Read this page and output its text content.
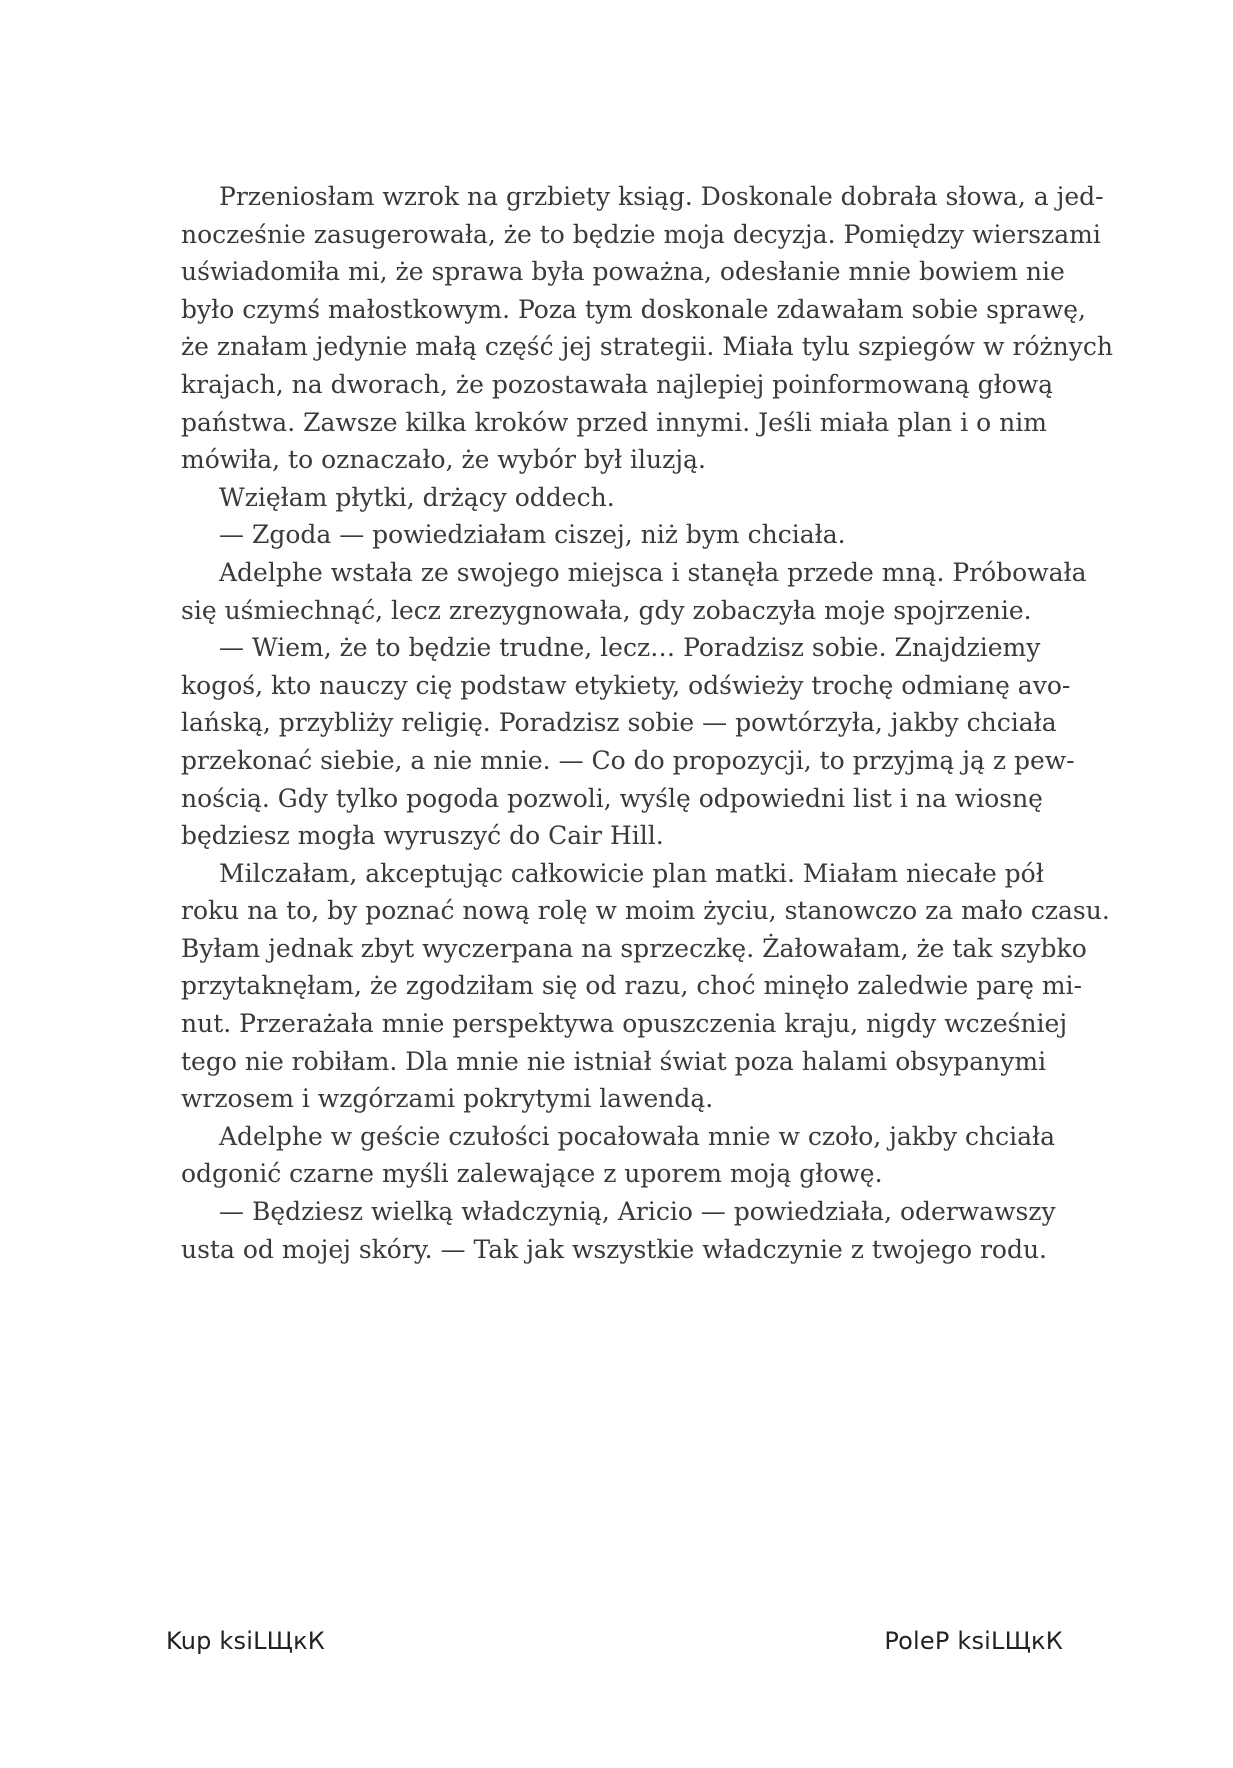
Przeniosłam wzrok na grzbiety ksiąg. Doskonale dobrała słowa, a jed-
nocześnie zasugerowała, że to będzie moja decyzja. Pomiędzy wierszami
uświadomiła mi, że sprawa była poważna, odesłanie mnie bowiem nie
było czymś małostkowym. Poza tym doskonale zdawałam sobie sprawę,
że znałam jedynie małą część jej strategii. Miała tylu szpiegów w różnych
krajach, na dworach, że pozostawała najlepiej poinformowaną głową
państwa. Zawsze kilka kroków przed innymi. Jeśli miała plan i o nim
mówiła, to oznaczało, że wybór był iluzją.
Wzięłam płytki, drżący oddech.
— Zgoda — powiedziałam ciszej, niż bym chciała.
Adelphe wstała ze swojego miejsca i stanęła przede mną. Próbowała
się uśmiechnąć, lecz zrezygnowała, gdy zobaczyła moje spojrzenie.
— Wiem, że to będzie trudne, lecz… Poradzisz sobie. Znajdziemy
kogoś, kto nauczy cię podstaw etykiety, odświeży trochę odmianę avo-
lańską, przybliży religię. Poradzisz sobie — powtórzyła, jakby chciała
przekonać siebie, a nie mnie. — Co do propozycji, to przyjmą ją z pew-
nością. Gdy tylko pogoda pozwoli, wyślę odpowiedni list i na wiosnę
będziesz mogła wyruszyć do Cair Hill.
Milczałam, akceptując całkowicie plan matki. Miałam niecałe pół
roku na to, by poznać nową rolę w moim życiu, stanowczo za mało czasu.
Byłam jednak zbyt wyczerpana na sprzeczkę. Żałowałam, że tak szybko
przytaknęłam, że zgodziłam się od razu, choć minęło zaledwie parę mi-
nut. Przerażała mnie perspektywa opuszczenia kraju, nigdy wcześniej
tego nie robiłam. Dla mnie nie istniał świat poza halami obsypanymi
wrzosem i wzgórzami pokrytymi lawendą.
Adelphe w geście czułości pocałowała mnie w czoło, jakby chciała
odgonić czarne myśli zalewające z uporem moją głowę.
— Będziesz wielką władczynią, Aricio — powiedziała, oderwawszy
usta od mojej skóry. — Tak jak wszystkie władczynie z twojego rodu.
Kup ksiLЩкК	PoleP ksiLЩкК
